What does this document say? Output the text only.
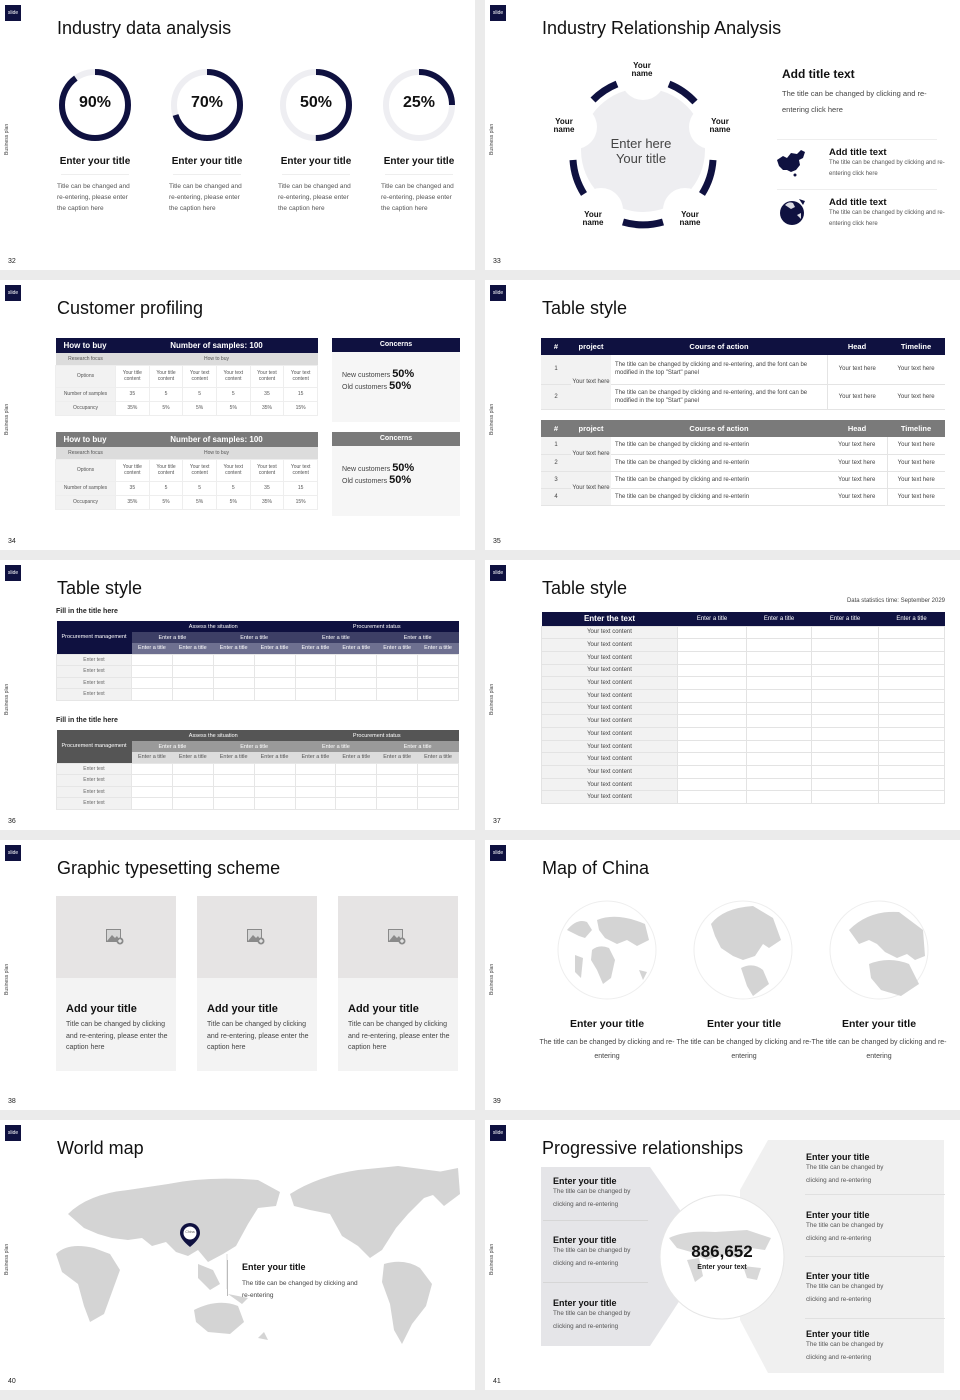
slide
Business plan
32
Industry data analysis
90%
Enter your title
Title can be changed and re-entering, please enter the caption here
70%
Enter your title
Title can be changed and re-entering, please enter the caption here
50%
Enter your title
Title can be changed and re-entering, please enter the caption here
25%
Enter your title
Title can be changed and re-entering, please enter the caption here
slide
Business plan
33
Industry Relationship Analysis
Your name
Your name
Your name
Your name
Your name
Enter here
Your title
Add title text
The title can be changed by clicking and re-entering click here
Add title text
The title can be changed by clicking and re-entering click here
Add title text
The title can be changed by clicking and re-entering click here
slide
Business plan
34
Customer profiling
How to buy	Number of samples: 100					
Research focus	How to buy					
Options	Your title content	Your title content	Your text content	Your text content	Your text content	Your text content
Number of samples	35	5	5	5	35	15
Occupancy	35%	5%	5%	5%	35%	15%
Concerns
New customers 50%
Old customers 50%
How to buy	Number of samples: 100					
Research focus	How to buy					
Options	Your title content	Your title content	Your text content	Your text content	Your text content	Your text content
Number of samples	35	5	5	5	35	15
Occupancy	35%	5%	5%	5%	35%	15%
Concerns
New customers 50%
Old customers 50%
slide
Business plan
35
Table style
#	project	Course of action	Head	Timeline
1	Your text here	The title can be changed by clicking and re-entering, and the font can be modified in the top "Start" panel	Your text here	Your text here
2		The title can be changed by clicking and re-entering, and the font can be modified in the top "Start" panel	Your text here	Your text here
#	project	Course of action	Head	Timeline
1	Your text here	The title can be changed by clicking and re-enterin	Your text here	Your text here
2		The title can be changed by clicking and re-enterin	Your text here	Your text here
3	Your text here	The title can be changed by clicking and re-enterin	Your text here	Your text here
4		The title can be changed by clicking and re-enterin	Your text here	Your text here
slide
Business plan
36
Table style
Fill in the title here
Procurement management	Assess the situation				Procurement status			
	Enter a title		Enter a title		Enter a title		Enter a title	
	Enter a title	Enter a title	Enter a title	Enter a title	Enter a title	Enter a title	Enter a title	Enter a title
Enter text								
Enter text								
Enter text								
Enter text								
Fill in the title here
Procurement management	Assess the situation				Procurement status			
	Enter a title		Enter a title		Enter a title		Enter a title	
	Enter a title	Enter a title	Enter a title	Enter a title	Enter a title	Enter a title	Enter a title	Enter a title
Enter text								
Enter text								
Enter text								
Enter text								
slide
Business plan
37
Table style
Data statistics time: September 2029
Enter the text	Enter a title	Enter a title	Enter a title	Enter a title
Your text content				
Your text content				
Your text content				
Your text content				
Your text content				
Your text content				
Your text content				
Your text content				
Your text content				
Your text content				
Your text content				
Your text content				
Your text content				
Your text content				
slide
Business plan
38
Graphic typesetting scheme
Add your title
Title can be changed by clicking and re-entering, please enter the caption here
Add your title
Title can be changed by clicking and re-entering, please enter the caption here
Add your title
Title can be changed by clicking and re-entering, please enter the caption here
slide
Business plan
39
Map of China
Enter your title
The title can be changed by clicking and re-entering
Enter your title
The title can be changed by clicking and re-entering
Enter your title
The title can be changed by clicking and re-entering
slide
Business plan
40
World map
China
Enter your title
The title can be changed by clicking and re-entering
slide
Business plan
41
Progressive relationships
Enter your title
The title can be changed by clicking and re-entering
Enter your title
The title can be changed by clicking and re-entering
Enter your title
The title can be changed by clicking and re-entering
886,652
Enter your text
Enter your title
The title can be changed by clicking and re-entering
Enter your title
The title can be changed by clicking and re-entering
Enter your title
The title can be changed by clicking and re-entering
Enter your title
The title can be changed by clicking and re-entering
